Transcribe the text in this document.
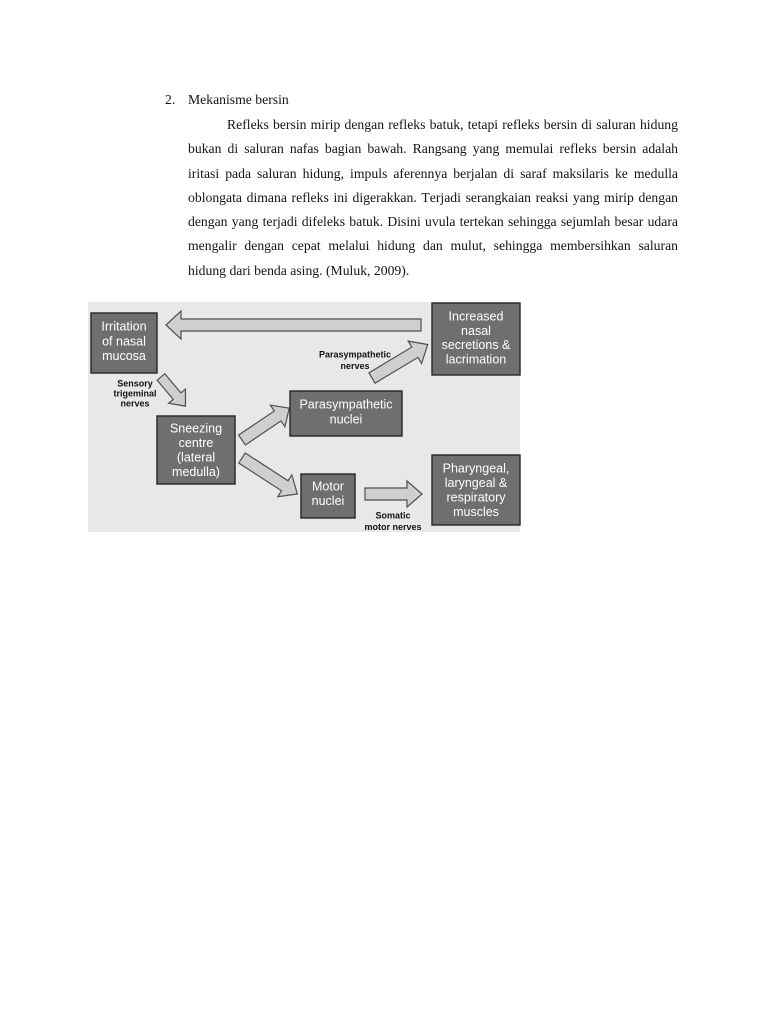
2. Mekanisme bersin

Refleks bersin mirip dengan refleks batuk, tetapi refleks bersin di saluran hidung bukan di saluran nafas bagian bawah. Rangsang yang memulai refleks bersin adalah iritasi pada saluran hidung, impuls aferennya berjalan di saraf maksilaris ke medulla oblongata dimana refleks ini digerakkan. Terjadi serangkaian reaksi yang mirip dengan dengan yang terjadi difeleks batuk. Disini uvula tertekan sehingga sejumlah besar udara mengalir dengan cepat melalui hidung dan mulut, sehingga membersihkan saluran hidung dari benda asing. (Muluk, 2009).

Irritation
of nasal
mucosa
Increased
nasal
secretions &
lacrimation
Parasympathetic
nuclei
Sneezing
centre
(lateral
medulla)
Motor
nuclei
Pharyngeal,
laryngeal &
respiratory
muscles
Parasympathetic
nerves
Sensory
trigeminal
nerves
Somatic
motor nerves
